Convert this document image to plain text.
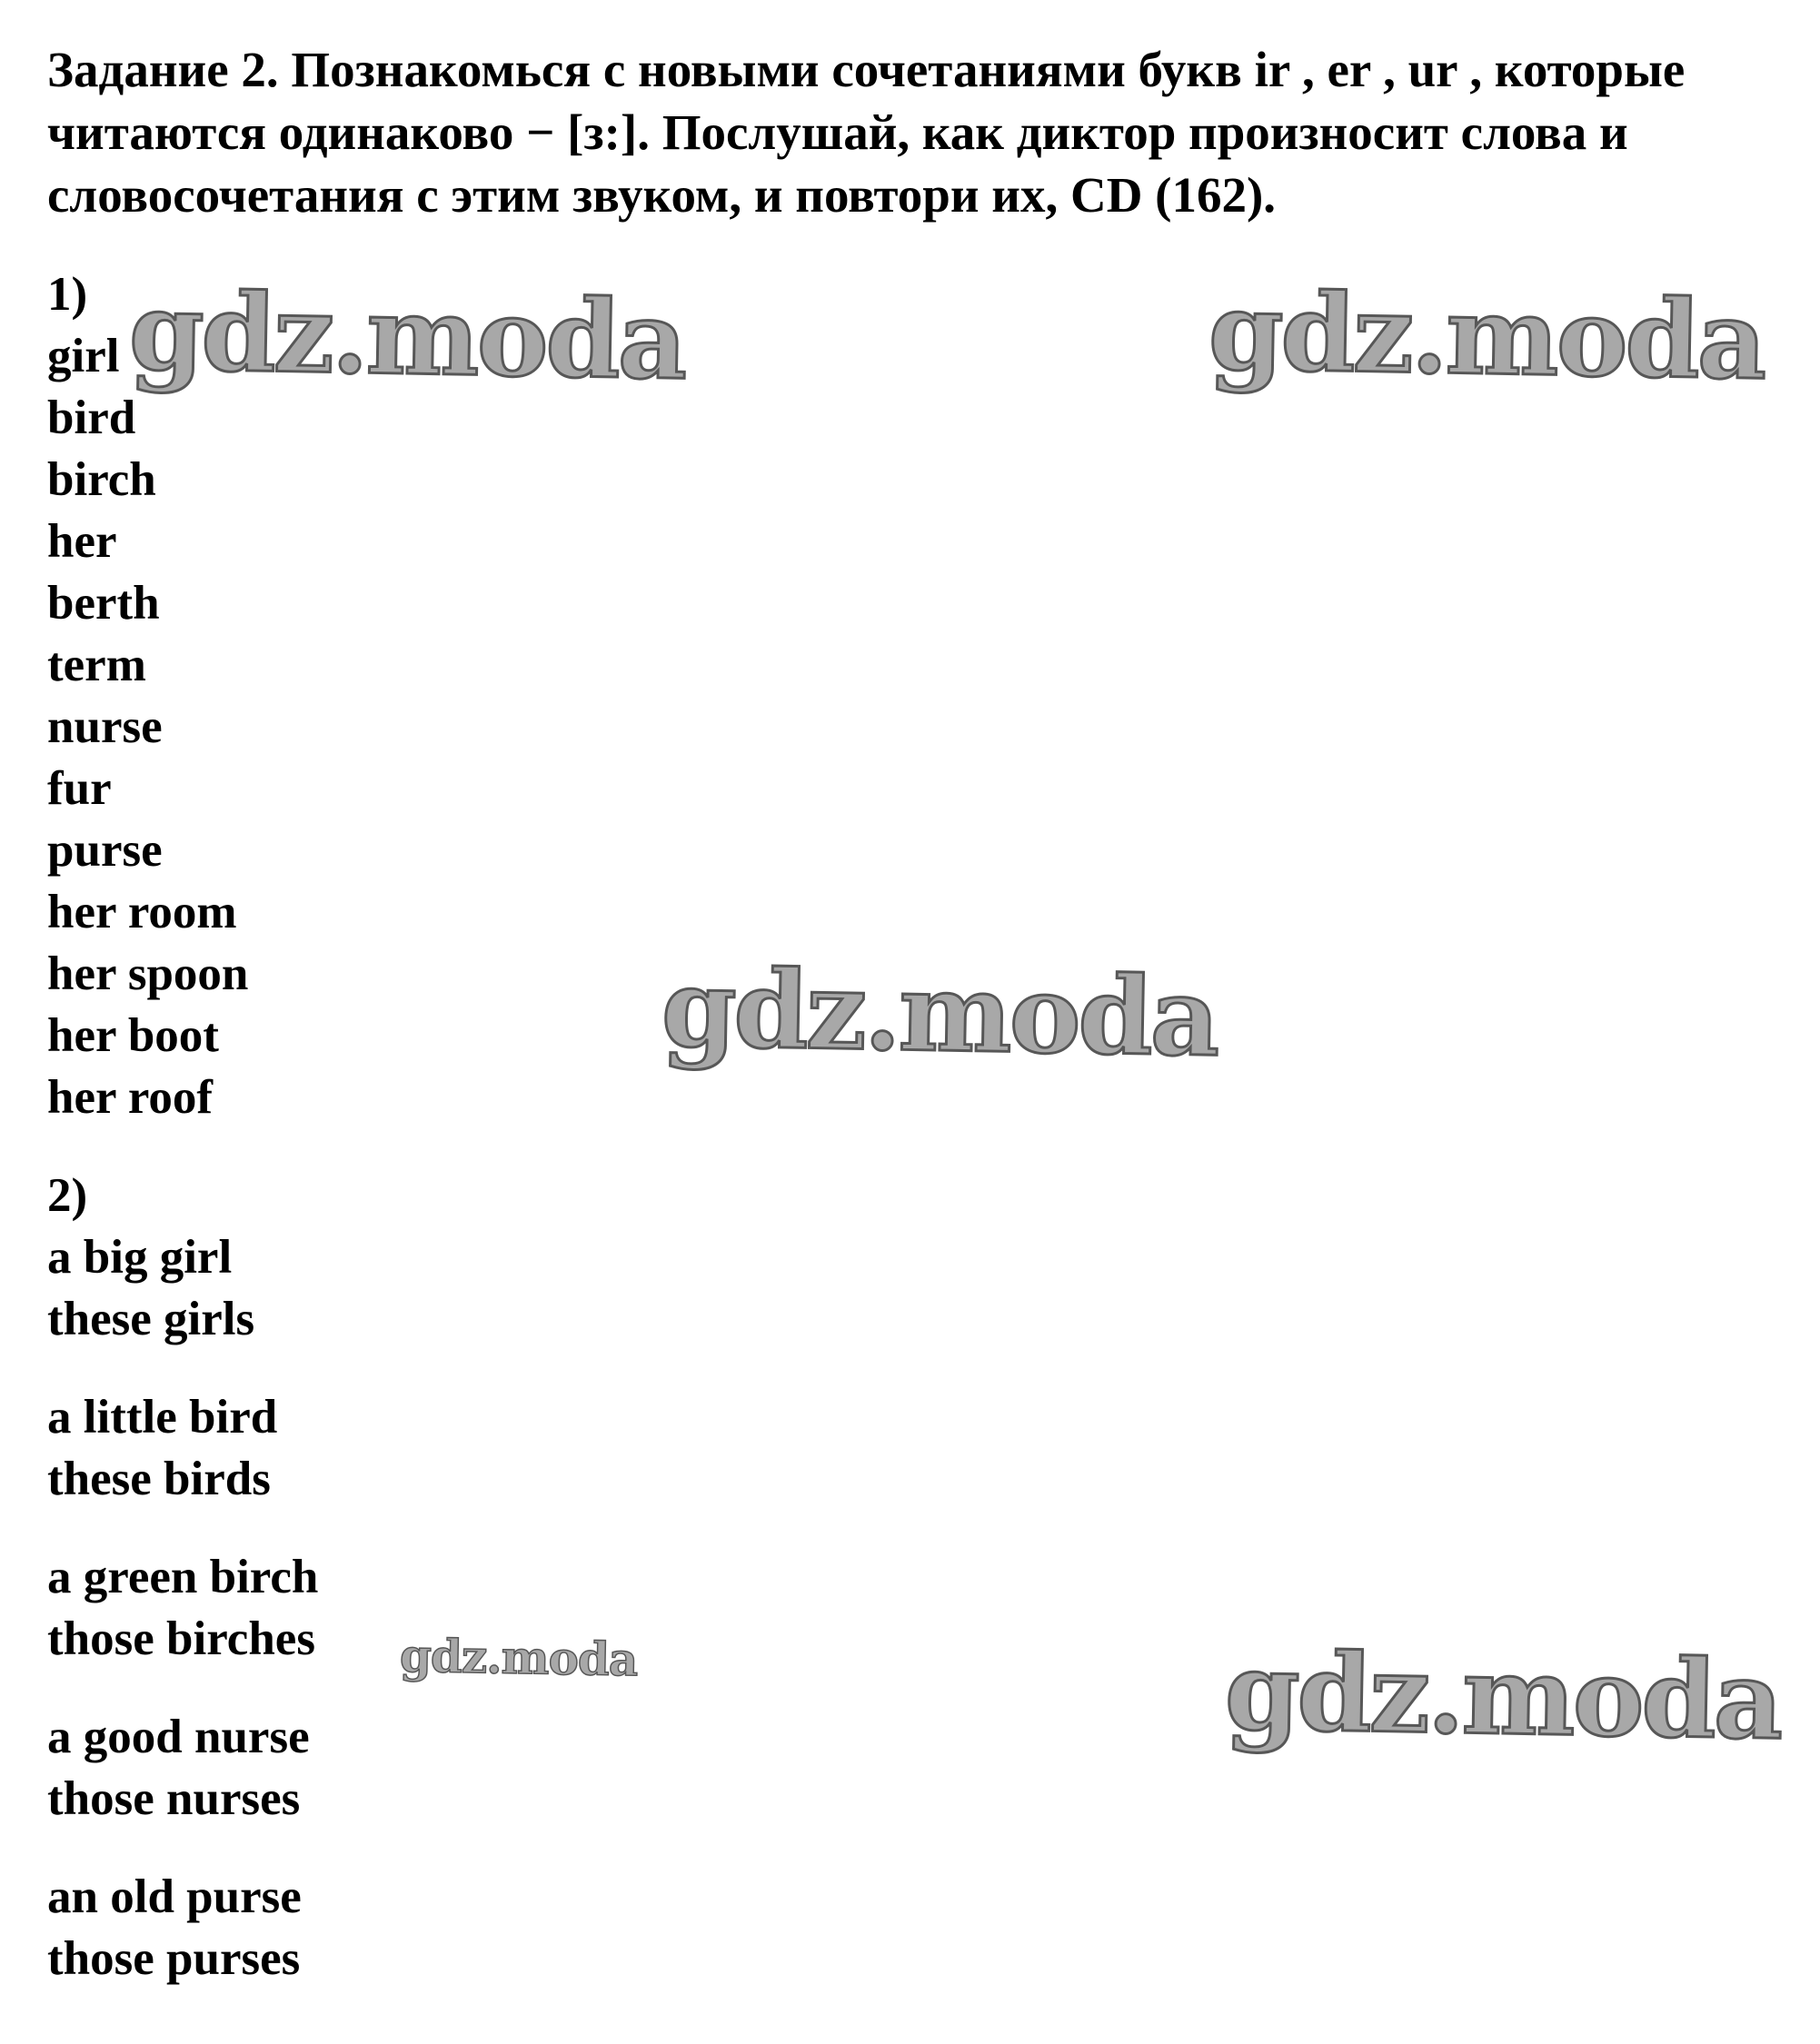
Задание 2. Познакомься с новыми сочетаниями букв ir , er , ur , которые
читаются одинаково − [з:]. Послушай, как диктор произносит слова и
словосочетания с этим звуком, и повтори их, CD (162).
1)
girl
bird
birch
her
berth
term
nurse
fur
purse
her room
her spoon
her boot
her roof
2)
a big girl
these girls
a little bird
these birds
a green birch
those birches
a good nurse
those nurses
an old purse
those purses
gdz.moda	gdz.moda
gdz.moda
gdz.moda	gdz.moda
